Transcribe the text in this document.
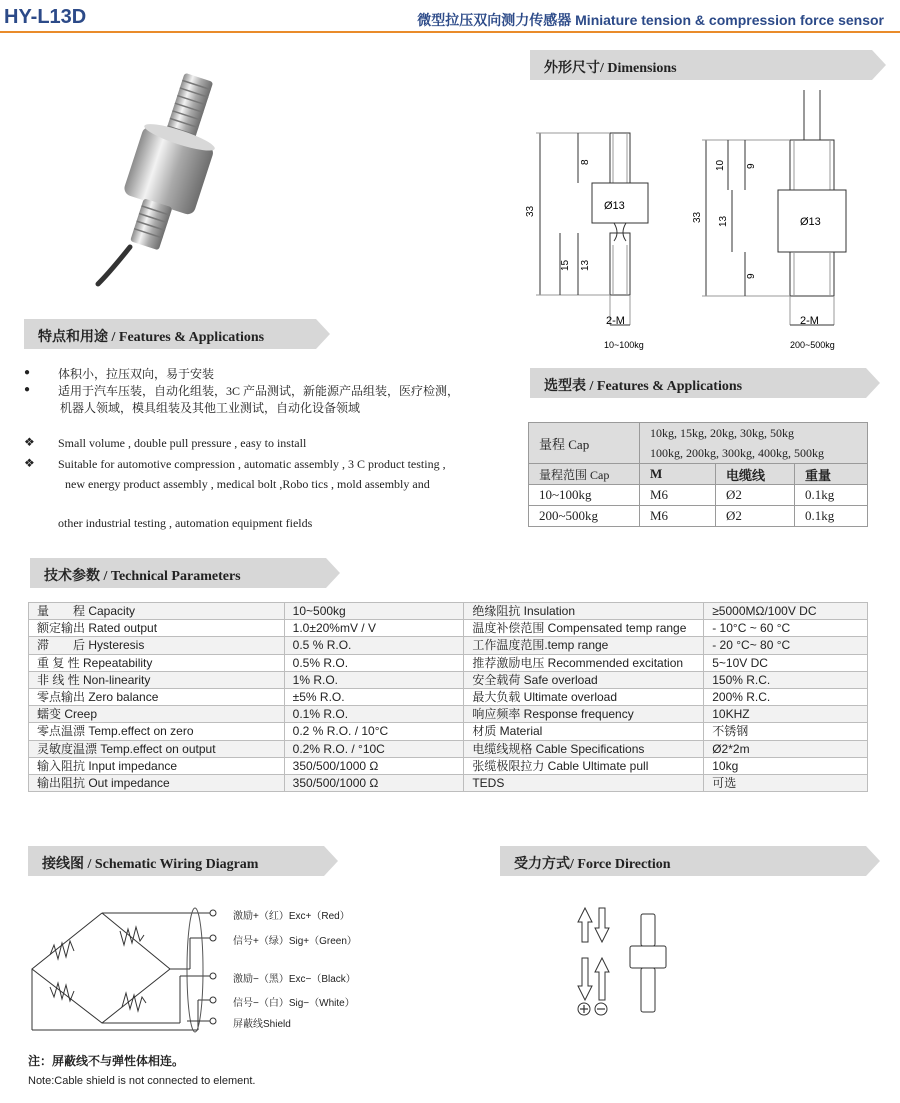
HY-L13D	微型拉压双向测力传感器 Miniature tension & compression force sensor
外形尺寸/ Dimensions
33
8
15 13
Ø13
2-M
10~100kg
33
10 9
13
9
Ø13
2-M
200~500kg
特点和用途 / Features & Applications
● 体积小，拉压双向，易于安装
● 适用于汽车压装，自动化组装，3C 产品测试，新能源产品组装，医疗检测，
机器人领域，模具组装及其他工业测试，自动化设备领域
❖ Small volume , double pull pressure , easy to install
❖ Suitable for automotive compression , automatic assembly , 3 C product testing ,
new energy product assembly , medical bolt ,Robo tics , mold assembly and
other industrial testing , automation equipment fields
选型表 / Features & Applications
量程 Cap	10kg, 15kg, 20kg, 30kg, 50kg
100kg, 200kg, 300kg, 400kg, 500kg		

量程范围 Cap	M	电缆线	重量
10~100kg	M6	Ø2	0.1kg
200~500kg	M6	Ø2	0.1kg
技术参数 / Technical Parameters
量　　程 Capacity	10~500kg	绝缘阻抗 Insulation	≥5000MΩ/100V DC
额定输出 Rated output	1.0±20%mV / V	温度补偿范围 Compensated temp range	- 10°C ~ 60 °C
滞　　后 Hysteresis	0.5 % R.O.	工作温度范围.temp range	- 20 °C~ 80 °C
重 复 性 Repeatability	0.5% R.O.	推荐激励电压 Recommended excitation	5~10V DC
非 线 性 Non-linearity	1% R.O.	安全载荷 Safe overload	150% R.C.
零点输出 Zero balance	±5% R.O.	最大负载 Ultimate overload	200% R.C.
蠕变 Creep	0.1% R.O.	响应频率 Response frequency	10KHZ
零点温漂 Temp.effect on zero	0.2 % R.O. / 10°C	材质 Material	不锈钢
灵敏度温漂 Temp.effect on output	0.2% R.O. / °10C	电缆线规格 Cable Specifications	Ø2*2m
输入阻抗 Input impedance	350/500/1000 Ω	张缆极限拉力 Cable Ultimate pull	10kg
输出阻抗 Out impedance	350/500/1000 Ω	TEDS	可选
接线图 / Schematic Wiring Diagram
激励+（红）Exc+（Red）
信号+（绿）Sig+（Green）
激励−（黑）Exc−（Black）
信号−（白）Sig−（White）
屏蔽线Shield
受力方式/ Force Direction
注：屏蔽线不与弹性体相连。
Note:Cable shield is not connected to element.
